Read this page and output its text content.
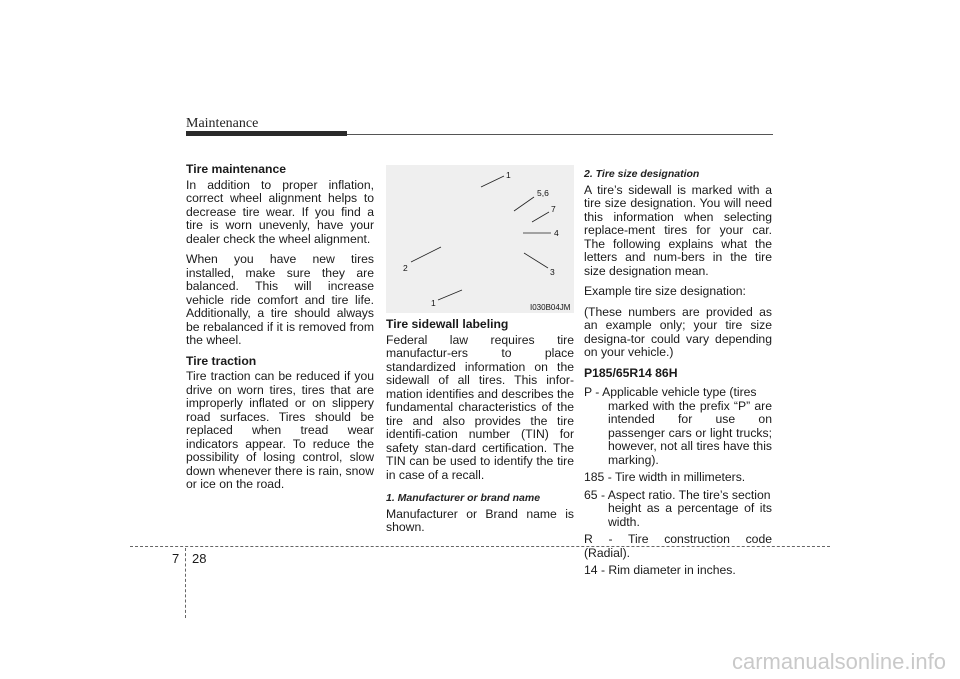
Maintenance
Tire maintenance

In addition to proper inflation, correct wheel alignment helps to decrease tire wear. If you find a tire is worn unevenly, have your dealer check the wheel alignment.

When you have new tires installed, make sure they are balanced. This will increase vehicle ride comfort and tire life. Additionally, a tire should always be rebalanced if it is removed from the wheel.

Tire traction

Tire traction can be reduced if you drive on worn tires, tires that are improperly inflated or on slippery road surfaces. Tires should be replaced when tread wear indicators appear. To reduce the possibility of losing control, slow down whenever there is rain, snow or ice on the road.

1
5,6
7
4
2	3
1	I030B04JM
Tire sidewall labeling

Federal law requires tire manufactur-ers to place standardized information on the sidewall of all tires. This infor-mation identifies and describes the fundamental characteristics of the tire and also provides the tire identifi-cation number (TIN) for safety stan-dard certification. The TIN can be used to identify the tire in case of a recall.

1. Manufacturer or brand name

Manufacturer or Brand name is shown.

2. Tire size designation

A tire’s sidewall is marked with a tire size designation. You will need this information when selecting replace-ment tires for your car. The following explains what the letters and num-bers in the tire size designation mean.

Example tire size designation:

(These numbers are provided as an example only; your tire size designa-tor could vary depending on your vehicle.)

P185/65R14 86H
P - Applicable vehicle type (tires
marked with the prefix “P” are intended for use on passenger cars or light trucks; however, not all tires have this marking).
185 - Tire width in millimeters.
65 - Aspect ratio. The tire’s section
height as a percentage of its width.
R - Tire construction code (Radial).
14 - Rim diameter in inches.
7 28
carmanualsonline.info
